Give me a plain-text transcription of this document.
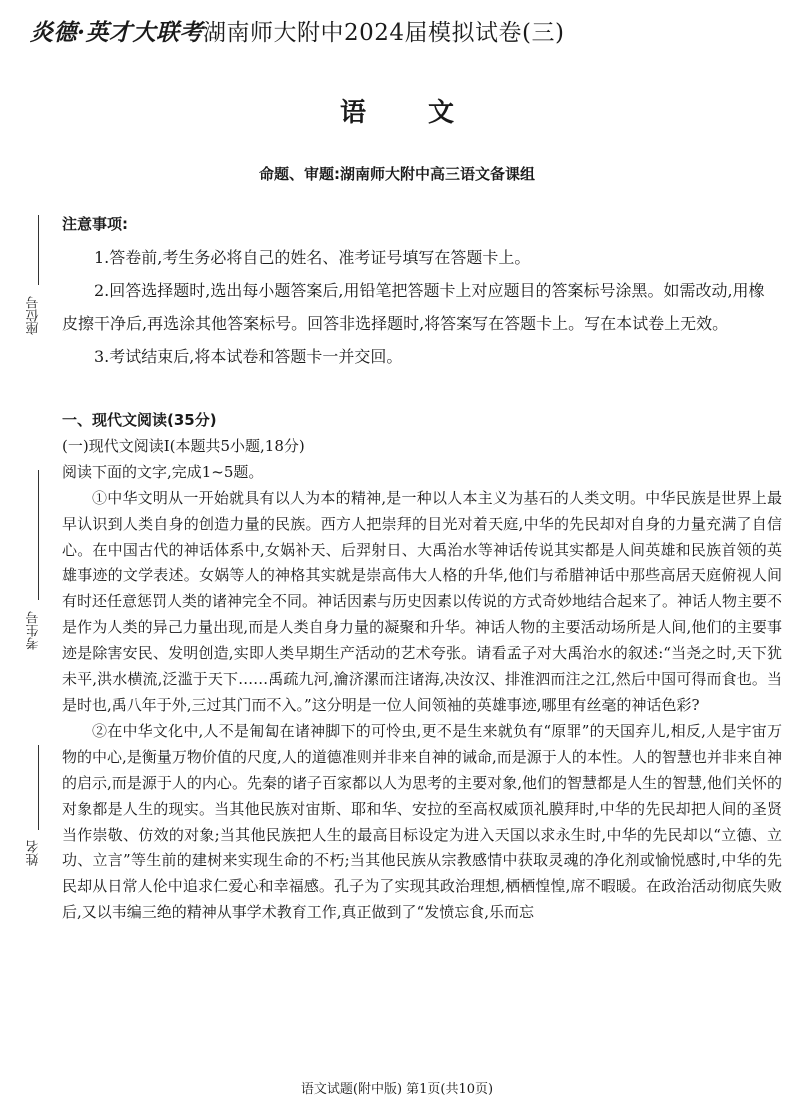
炎德·英才大联考湖南师大附中2024届模拟试卷(三)
语文
命题、审题:湖南师大附中高三语文备课组
座位号
考生号
姓名

注意事项:

1.答卷前,考生务必将自己的姓名、准考证号填写在答题卡上。

2.回答选择题时,选出每小题答案后,用铅笔把答题卡上对应题目的答案标号涂黑。如需改动,用橡皮擦干净后,再选涂其他答案标号。回答非选择题时,将答案写在答题卡上。写在本试卷上无效。

3.考试结束后,将本试卷和答题卡一并交回。

一、现代文阅读(35分)

(一)现代文阅读Ⅰ(本题共5小题,18分)

阅读下面的文字,完成1~5题。

①中华文明从一开始就具有以人为本的精神,是一种以人本主义为基石的人类文明。中华民族是世界上最早认识到人类自身的创造力量的民族。西方人把崇拜的目光对着天庭,中华的先民却对自身的力量充满了自信心。在中国古代的神话体系中,女娲补天、后羿射日、大禹治水等神话传说其实都是人间英雄和民族首领的英雄事迹的文学表述。女娲等人的神格其实就是崇高伟大人格的升华,他们与希腊神话中那些高居天庭俯视人间有时还任意惩罚人类的诸神完全不同。神话因素与历史因素以传说的方式奇妙地结合起来了。神话人物主要不是作为人类的异己力量出现,而是人类自身力量的凝聚和升华。神话人物的主要活动场所是人间,他们的主要事迹是除害安民、发明创造,实即人类早期生产活动的艺术夸张。请看孟子对大禹治水的叙述:“当尧之时,天下犹未平,洪水横流,泛滥于天下……禹疏九河,瀹济漯而注诸海,决汝汉、排淮泗而注之江,然后中国可得而食也。当是时也,禹八年于外,三过其门而不入。”这分明是一位人间领袖的英雄事迹,哪里有丝毫的神话色彩?

②在中华文化中,人不是匍匐在诸神脚下的可怜虫,更不是生来就负有“原罪”的天国弃儿,相反,人是宇宙万物的中心,是衡量万物价值的尺度,人的道德准则并非来自神的诫命,而是源于人的本性。人的智慧也并非来自神的启示,而是源于人的内心。先秦的诸子百家都以人为思考的主要对象,他们的智慧都是人生的智慧,他们关怀的对象都是人生的现实。当其他民族对宙斯、耶和华、安拉的至高权威顶礼膜拜时,中华的先民却把人间的圣贤当作崇敬、仿效的对象;当其他民族把人生的最高目标设定为进入天国以求永生时,中华的先民却以“立德、立功、立言”等生前的建树来实现生命的不朽;当其他民族从宗教感情中获取灵魂的净化剂或愉悦感时,中华的先民却从日常人伦中追求仁爱心和幸福感。孔子为了实现其政治理想,栖栖惶惶,席不暇暖。在政治活动彻底失败后,又以韦编三绝的精神从事学术教育工作,真正做到了“发愤忘食,乐而忘

语文试题(附中版) 第1页(共10页)
